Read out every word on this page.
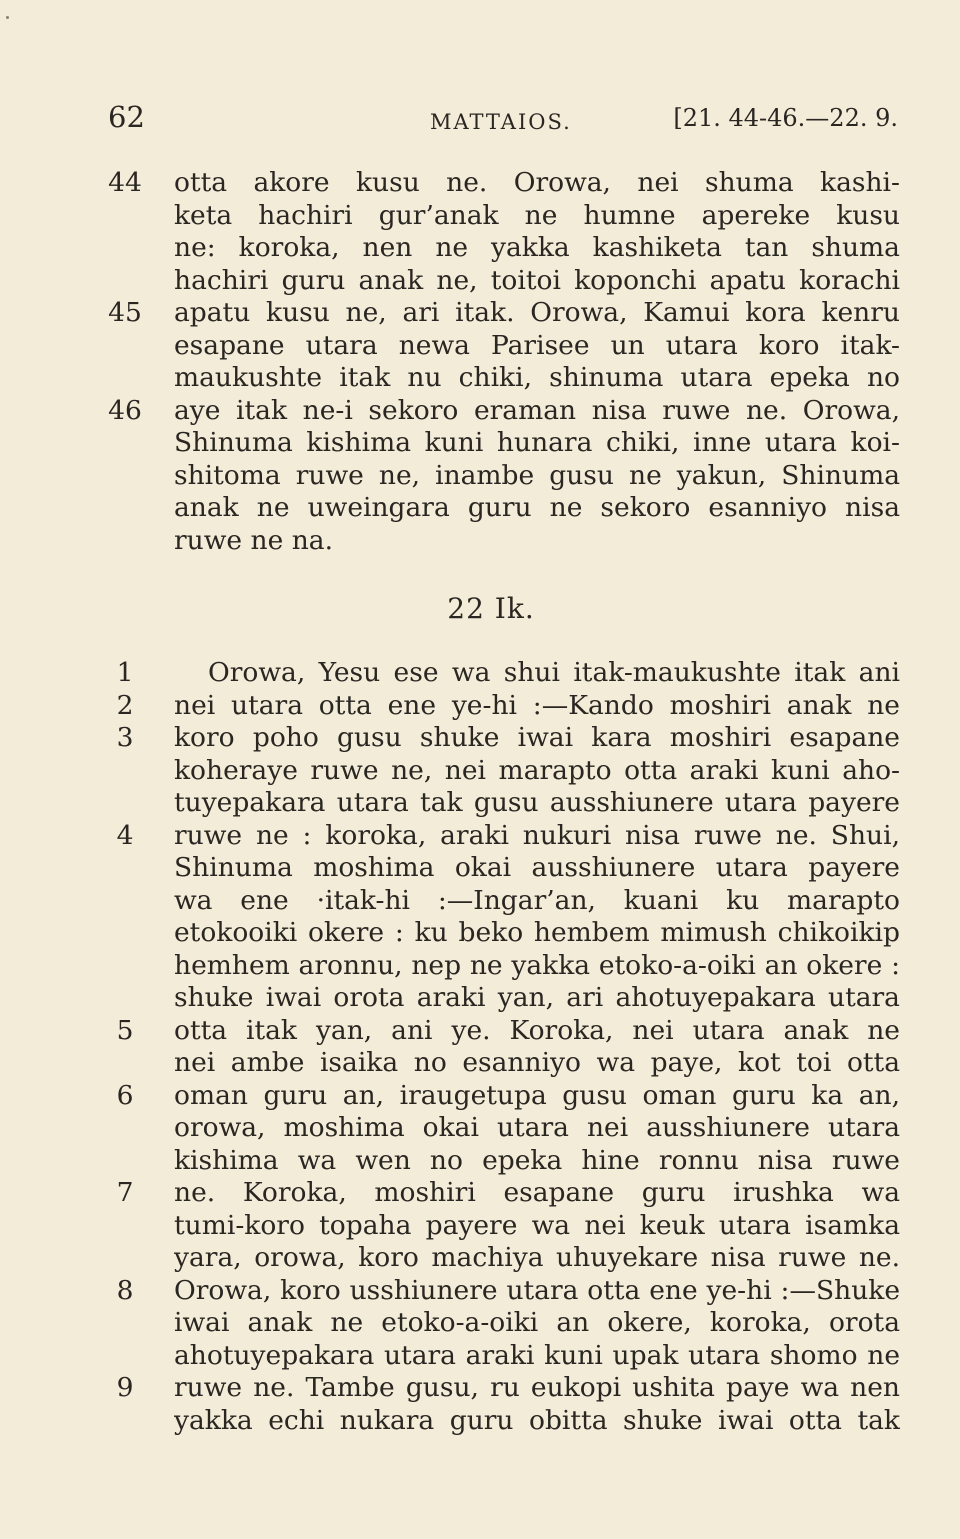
62	MATTAIOS.	[21. 44-46.—22. 9.
22 Ik.
44 otta akore kusu ne. Orowa, nei shuma kashi-
keta hachiri gur’anak ne humne apereke kusu
ne: koroka, nen ne yakka kashiketa tan shuma
hachiri guru anak ne, toitoi koponchi apatu korachi
45 apatu kusu ne, ari itak. Orowa, Kamui kora kenru
esapane utara newa Parisee un utara koro itak-
maukushte itak nu chiki, shinuma utara epeka no
46 aye itak ne-i sekoro eraman nisa ruwe ne. Orowa,
Shinuma kishima kuni hunara chiki, inne utara koi-
shitoma ruwe ne, inambe gusu ne yakun, Shinuma
anak ne uweingara guru ne sekoro esanniyo nisa
ruwe ne na.
1	Orowa, Yesu ese wa shui itak-maukushte itak ani
2	nei utara otta ene ye-hi :—Kando moshiri anak ne
3	koro poho gusu shuke iwai kara moshiri esapane
koheraye ruwe ne, nei marapto otta araki kuni aho-
tuyepakara utara tak gusu ausshiunere utara payere
4	ruwe ne : koroka, araki nukuri nisa ruwe ne. Shui,
Shinuma moshima okai ausshiunere utara payere
wa ene ·itak-hi :—Ingar’an, kuani ku marapto
etokooiki okere : ku beko hembem mimush chikoikip
hemhem aronnu, nep ne yakka etoko-a-oiki an okere :
shuke iwai orota araki yan, ari ahotuyepakara utara
5	otta itak yan, ani ye. Koroka, nei utara anak ne
nei ambe isaika no esanniyo wa paye, kot toi otta
6	oman guru an, iraugetupa gusu oman guru ka an,
orowa, moshima okai utara nei ausshiunere utara
kishima wa wen no epeka hine ronnu nisa ruwe
7	ne. Koroka, moshiri esapane guru irushka wa
tumi-koro topaha payere wa nei keuk utara isamka
yara, orowa, koro machiya uhuyekare nisa ruwe ne.
8	Orowa, koro usshiunere utara otta ene ye-hi :—Shuke
iwai anak ne etoko-a-oiki an okere, koroka, orota
ahotuyepakara utara araki kuni upak utara shomo ne
9	ruwe ne. Tambe gusu, ru eukopi ushita paye wa nen
yakka echi nukara guru obitta shuke iwai otta tak
